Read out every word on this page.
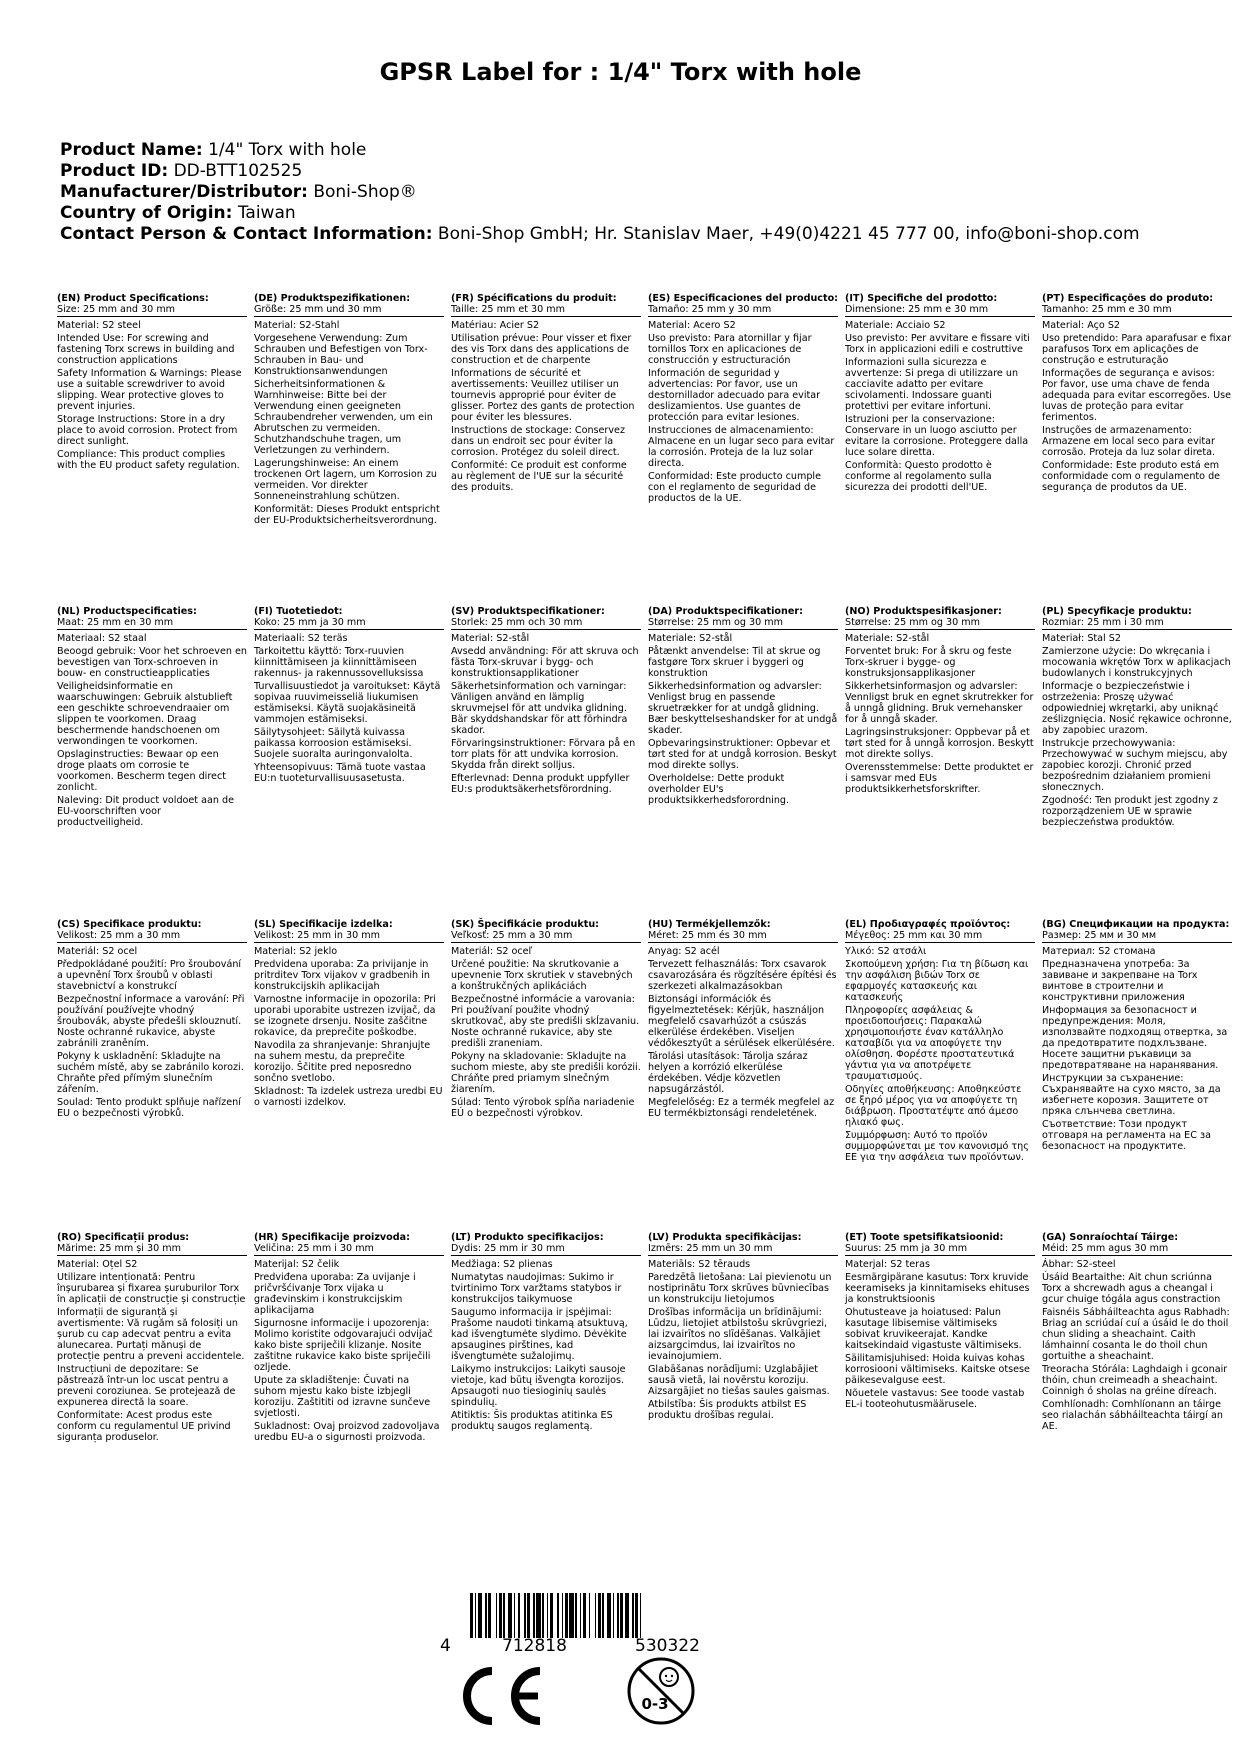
GPSR Label for : 1/4" Torx with hole
Product Name: 1/4" Torx with hole
Product ID: DD-BTT102525
Manufacturer/Distributor: Boni-Shop®
Country of Origin: Taiwan
Contact Person & Contact Information: Boni-Shop GmbH; Hr. Stanislav Maer, +49(0)4221 45 777 00, info@boni-shop.com
(EN) Product Specifications:
Size: 25 mm and 30 mm
Material: S2 steel
Intended Use: For screwing and fastening Torx screws in building and construction applications
Safety Information & Warnings: Please use a suitable screwdriver to avoid slipping. Wear protective gloves to prevent injuries.
Storage Instructions: Store in a dry place to avoid corrosion. Protect from direct sunlight.
Compliance: This product complies with the EU product safety regulation.
(DE) Produktspezifikationen:
Größe: 25 mm und 30 mm
Material: S2-Stahl
Vorgesehene Verwendung: Zum Schrauben und Befestigen von Torx-Schrauben in Bau- und Konstruktionsanwendungen
Sicherheitsinformationen & Warnhinweise: Bitte bei der Verwendung einen geeigneten Schraubendreher verwenden, um ein Abrutschen zu vermeiden. Schutzhandschuhe tragen, um Verletzungen zu verhindern.
Lagerungshinweise: An einem trockenen Ort lagern, um Korrosion zu vermeiden. Vor direkter Sonneneinstrahlung schützen.
Konformität: Dieses Produkt entspricht der EU-Produktsicherheitsverordnung.
(FR) Spécifications du produit:
Taille: 25 mm et 30 mm
Matériau: Acier S2
Utilisation prévue: Pour visser et fixer des vis Torx dans des applications de construction et de charpente
Informations de sécurité et avertissements: Veuillez utiliser un tournevis approprié pour éviter de glisser. Portez des gants de protection pour éviter les blessures.
Instructions de stockage: Conservez dans un endroit sec pour éviter la corrosion. Protégez du soleil direct.
Conformité: Ce produit est conforme au règlement de l'UE sur la sécurité des produits.
(ES) Especificaciones del producto:
Tamaño: 25 mm y 30 mm
Material: Acero S2
Uso previsto: Para atornillar y fijar tornillos Torx en aplicaciones de construcción y estructuración
Información de seguridad y advertencias: Por favor, use un destornillador adecuado para evitar deslizamientos. Use guantes de protección para evitar lesiones.
Instrucciones de almacenamiento: Almacene en un lugar seco para evitar la corrosión. Proteja de la luz solar directa.
Conformidad: Este producto cumple con el reglamento de seguridad de productos de la UE.
(IT) Specifiche del prodotto:
Dimensione: 25 mm e 30 mm
Materiale: Acciaio S2
Uso previsto: Per avvitare e fissare viti Torx in applicazioni edili e costruttive
Informazioni sulla sicurezza e avvertenze: Si prega di utilizzare un cacciavite adatto per evitare scivolamenti. Indossare guanti protettivi per evitare infortuni.
Istruzioni per la conservazione: Conservare in un luogo asciutto per evitare la corrosione. Proteggere dalla luce solare diretta.
Conformità: Questo prodotto è conforme al regolamento sulla sicurezza dei prodotti dell'UE.
(PT) Especificações do produto:
Tamanho: 25 mm e 30 mm
Material: Aço S2
Uso pretendido: Para aparafusar e fixar parafusos Torx em aplicações de construção e estruturação
Informações de segurança e avisos: Por favor, use uma chave de fenda adequada para evitar escorregões. Use luvas de proteção para evitar ferimentos.
Instruções de armazenamento: Armazene em local seco para evitar corrosão. Proteja da luz solar direta.
Conformidade: Este produto está em conformidade com o regulamento de segurança de produtos da UE.
(NL) Productspecificaties:
Maat: 25 mm en 30 mm
Materiaal: S2 staal
Beoogd gebruik: Voor het schroeven en bevestigen van Torx-schroeven in bouw- en constructieapplicaties
Veiligheidsinformatie en waarschuwingen: Gebruik alstublieft een geschikte schroevendraaier om slippen te voorkomen. Draag beschermende handschoenen om verwondingen te voorkomen.
Opslaginstructies: Bewaar op een droge plaats om corrosie te voorkomen. Bescherm tegen direct zonlicht.
Naleving: Dit product voldoet aan de EU-voorschriften voor productveiligheid.
(FI) Tuotetiedot:
Koko: 25 mm ja 30 mm
Materiaali: S2 teräs
Tarkoitettu käyttö: Torx-ruuvien kiinnittämiseen ja kiinnittämiseen rakennus- ja rakennussovelluksissa
Turvallisuustiedot ja varoitukset: Käytä sopivaa ruuvimeisseliä liukumisen estämiseksi. Käytä suojakäsineitä vammojen estämiseksi.
Säilytysohjeet: Säilytä kuivassa paikassa korroosion estämiseksi. Suojele suoralta auringonvalolta.
Yhteensopivuus: Tämä tuote vastaa EU:n tuoteturvallisuusasetusta.
(SV) Produktspecifikationer:
Storlek: 25 mm och 30 mm
Material: S2-stål
Avsedd användning: För att skruva och fästa Torx-skruvar i bygg- och konstruktionsapplikationer
Säkerhetsinformation och varningar: Vänligen använd en lämplig skruvmejsel för att undvika glidning. Bär skyddshandskar för att förhindra skador.
Förvaringsinstruktioner: Förvara på en torr plats för att undvika korrosion. Skydda från direkt solljus.
Efterlevnad: Denna produkt uppfyller EU:s produktsäkerhetsförordning.
(DA) Produktspecifikationer:
Størrelse: 25 mm og 30 mm
Materiale: S2-stål
Påtænkt anvendelse: Til at skrue og fastgøre Torx skruer i byggeri og konstruktion
Sikkerhedsinformation og advarsler: Venligst brug en passende skruetrækker for at undgå glidning. Bær beskyttelseshandsker for at undgå skader.
Opbevaringsinstruktioner: Opbevar et tørt sted for at undgå korrosion. Beskyt mod direkte sollys.
Overholdelse: Dette produkt overholder EU's produktsikkerhedsforordning.
(NO) Produktspesifikasjoner:
Størrelse: 25 mm og 30 mm
Materiale: S2-stål
Forventet bruk: For å skru og feste Torx-skruer i bygge- og konstruksjonsapplikasjoner
Sikkerhetsinformasjon og advarsler: Vennligst bruk en egnet skrutrekker for å unngå glidning. Bruk vernehansker for å unngå skader.
Lagringsinstruksjoner: Oppbevar på et tørt sted for å unngå korrosjon. Beskytt mot direkte sollys.
Overensstemmelse: Dette produktet er i samsvar med EUs produktsikkerhetsforskrifter.
(PL) Specyfikacje produktu:
Rozmiar: 25 mm i 30 mm
Materiał: Stal S2
Zamierzone użycie: Do wkręcania i mocowania wkrętów Torx w aplikacjach budowlanych i konstrukcyjnych
Informacje o bezpieczeństwie i ostrzeżenia: Proszę używać odpowiedniej wkrętarki, aby uniknąć ześlizgnięcia. Nosić rękawice ochronne, aby zapobiec urazom.
Instrukcje przechowywania: Przechowywać w suchym miejscu, aby zapobiec korozji. Chronić przed bezpośrednim działaniem promieni słonecznych.
Zgodność: Ten produkt jest zgodny z rozporządzeniem UE w sprawie bezpieczeństwa produktów.
(CS) Specifikace produktu:
Velikost: 25 mm a 30 mm
Materiál: S2 ocel
Předpokládané použití: Pro šroubování a upevnění Torx šroubů v oblasti stavebnictví a konstrukcí
Bezpečnostní informace a varování: Při používání používejte vhodný šroubovák, abyste předešli sklouznutí. Noste ochranné rukavice, abyste zabránili zraněním.
Pokyny k uskladnění: Skladujte na suchém místě, aby se zabránilo korozi. Chraňte před přímým slunečním zářením.
Soulad: Tento produkt splňuje nařízení EU o bezpečnosti výrobků.
(SL) Specifikacije izdelka:
Velikost: 25 mm in 30 mm
Material: S2 jeklo
Predvidena uporaba: Za privijanje in pritrditev Torx vijakov v gradbenih in konstrukcijskih aplikacijah
Varnostne informacije in opozorila: Pri uporabi uporabite ustrezen izvijač, da se izognete drsenju. Nosite zaščitne rokavice, da preprečite poškodbe.
Navodila za shranjevanje: Shranjujte na suhem mestu, da preprečite korozijo. Ščitite pred neposredno sončno svetlobo.
Skladnost: Ta izdelek ustreza uredbi EU o varnosti izdelkov.
(SK) Špecifikácie produktu:
Veľkosť: 25 mm a 30 mm
Materiál: S2 oceľ
Určené použitie: Na skrutkovanie a upevnenie Torx skrutiek v stavebných a konštrukčných aplikáciách
Bezpečnostné informácie a varovania: Pri používaní použite vhodný skrutkovač, aby ste predišli skĺzavaniu. Noste ochranné rukavice, aby ste predišli zraneniam.
Pokyny na skladovanie: Skladujte na suchom mieste, aby ste predišli korózii. Chráňte pred priamym slnečným žiarením.
Súlad: Tento výrobok spĺňa nariadenie EÚ o bezpečnosti výrobkov.
(HU) Termékjellemzők:
Méret: 25 mm és 30 mm
Anyag: S2 acél
Tervezett felhasználás: Torx csavarok csavarozására és rögzítésére építési és szerkezeti alkalmazásokban
Biztonsági információk és figyelmeztetések: Kérjük, használjon megfelelő csavarhúzót a csúszás elkerülése érdekében. Viseljen védőkesztyűt a sérülések elkerülésére.
Tárolási utasítások: Tárolja száraz helyen a korrózió elkerülése érdekében. Védje közvetlen napsugárzástól.
Megfelelőség: Ez a termék megfelel az EU termékbiztonsági rendeletének.
(EL) Προδιαγραφές προϊόντος:
Μέγεθος: 25 mm και 30 mm
Υλικό: S2 ατσάλι
Σκοπούμενη χρήση: Για τη βίδωση και την ασφάλιση βιδών Torx σε εφαρμογές κατασκευής και κατασκευής
Πληροφορίες ασφάλειας & προειδοποιήσεις: Παρακαλώ χρησιμοποιήστε έναν κατάλληλο κατσαβίδι για να αποφύγετε την ολίσθηση. Φορέστε προστατευτικά γάντια για να αποτρέψετε τραυματισμούς.
Οδηγίες αποθήκευσης: Αποθηκεύστε σε ξηρό μέρος για να αποφύγετε τη διάβρωση. Προστατέψτε από άμεσο ηλιακό φως.
Συμμόρφωση: Αυτό το προϊόν συμμορφώνεται με τον κανονισμό της ΕΕ για την ασφάλεια των προϊόντων.
(BG) Спецификации на продукта:
Размер: 25 мм и 30 мм
Материал: S2 стомана
Предназначена употреба: За завиване и закрепване на Torx винтове в строителни и конструктивни приложения
Информация за безопасност и предупреждения: Моля, използвайте подходящ отвертка, за да предотвратите подхлъзване. Носете защитни ръкавици за предотвратяване на наранявания.
Инструкции за съхранение: Съхранявайте на сухо място, за да избегнете корозия. Защитете от пряка слънчева светлина.
Съответствие: Този продукт отговаря на регламента на ЕС за безопасност на продуктите.
(RO) Specificații produs:
Mărime: 25 mm și 30 mm
Material: Oțel S2
Utilizare intenționată: Pentru înșurubarea și fixarea șuruburilor Torx în aplicații de construcție și construcție
Informații de siguranță și avertismente: Vă rugăm să folosiți un șurub cu cap adecvat pentru a evita alunecarea. Purtați mănuși de protecție pentru a preveni accidentele.
Instrucțiuni de depozitare: Se păstrează într-un loc uscat pentru a preveni coroziunea. Se protejează de expunerea directă la soare.
Conformitate: Acest produs este conform cu regulamentul UE privind siguranța produselor.
(HR) Specifikacije proizvoda:
Veličina: 25 mm i 30 mm
Materijal: S2 čelik
Predviđena uporaba: Za uvijanje i pričvršćivanje Torx vijaka u građevinskim i konstrukcijskim aplikacijama
Sigurnosne informacije i upozorenja: Molimo koristite odgovarajući odvijač kako biste spriječili klizanje. Nosite zaštitne rukavice kako biste spriječili ozljede.
Upute za skladištenje: Čuvati na suhom mjestu kako biste izbjegli koroziju. Zaštititi od izravne sunčeve svjetlosti.
Sukladnost: Ovaj proizvod zadovoljava uredbu EU-a o sigurnosti proizvoda.
(LT) Produkto specifikacijos:
Dydis: 25 mm ir 30 mm
Medžiaga: S2 plienas
Numatytas naudojimas: Sukimo ir tvirtinimo Torx varžtams statybos ir konstrukcijos taikymuose
Saugumo informacija ir įspėjimai: Prašome naudoti tinkamą atsuktuvą, kad išvengtumėte slydimo. Dėvėkite apsaugines pirštines, kad išvengtumėte sužalojimų.
Laikymo instrukcijos: Laikyti sausoje vietoje, kad būtų išvengta korozijos. Apsaugoti nuo tiesioginių saulės spindulių.
Atitiktis: Šis produktas atitinka ES produktų saugos reglamentą.
(LV) Produkta specifikācijas:
Izmērs: 25 mm un 30 mm
Materiāls: S2 tērauds
Paredzētā lietošana: Lai pievienotu un nostiprinātu Torx skrūves būvniecības un konstrukciju lietojumos
Drošības informācija un brīdinājumi: Lūdzu, lietojiet atbilstošu skrūvgriezi, lai izvairītos no slīdēšanas. Valkājiet aizsargcimdus, lai izvairītos no ievainojumiem.
Glabāšanas norādījumi: Uzglabājiet sausā vietā, lai novērstu koroziju. Aizsargājiet no tiešas saules gaismas.
Atbilstība: Šis produkts atbilst ES produktu drošības regulai.
(ET) Toote spetsifikatsioonid:
Suurus: 25 mm ja 30 mm
Materjal: S2 teras
Eesmärgipärane kasutus: Torx kruvide keeramiseks ja kinnitamiseks ehituses ja konstruktsioonis
Ohutusteave ja hoiatused: Palun kasutage libisemise vältimiseks sobivat kruvikeerajat. Kandke kaitsekindaid vigastuste vältimiseks.
Säilitamisjuhised: Hoida kuivas kohas korrosiooni vältimiseks. Kaitske otsese päikesevalguse eest.
Nõuetele vastavus: See toode vastab EL-i tooteohutusmäärusele.
(GA) Sonraíochtaí Táirge:
Méid: 25 mm agus 30 mm
Ábhar: S2-steel
Úsáid Beartaithe: Ait chun scriúnna Torx a shcrewadh agus a cheangal i gcur chuige tógála agus constraction
Faisnéis Sábháilteachta agus Rabhadh: Briag an scriúdaí cuí a úsáid le do thoil chun sliding a sheachaint. Caith lámhainní cosanta le do thoil chun gortuithe a sheachaint.
Treoracha Stórála: Laghdaigh i gconair thóin, chun creimeadh a sheachaint. Coinnigh ó sholas na gréine díreach.
Comhlíonadh: Comhlíonann an táirge seo rialachán sábháilteachta táirgí an AE.
4	712818	530322
0-3
